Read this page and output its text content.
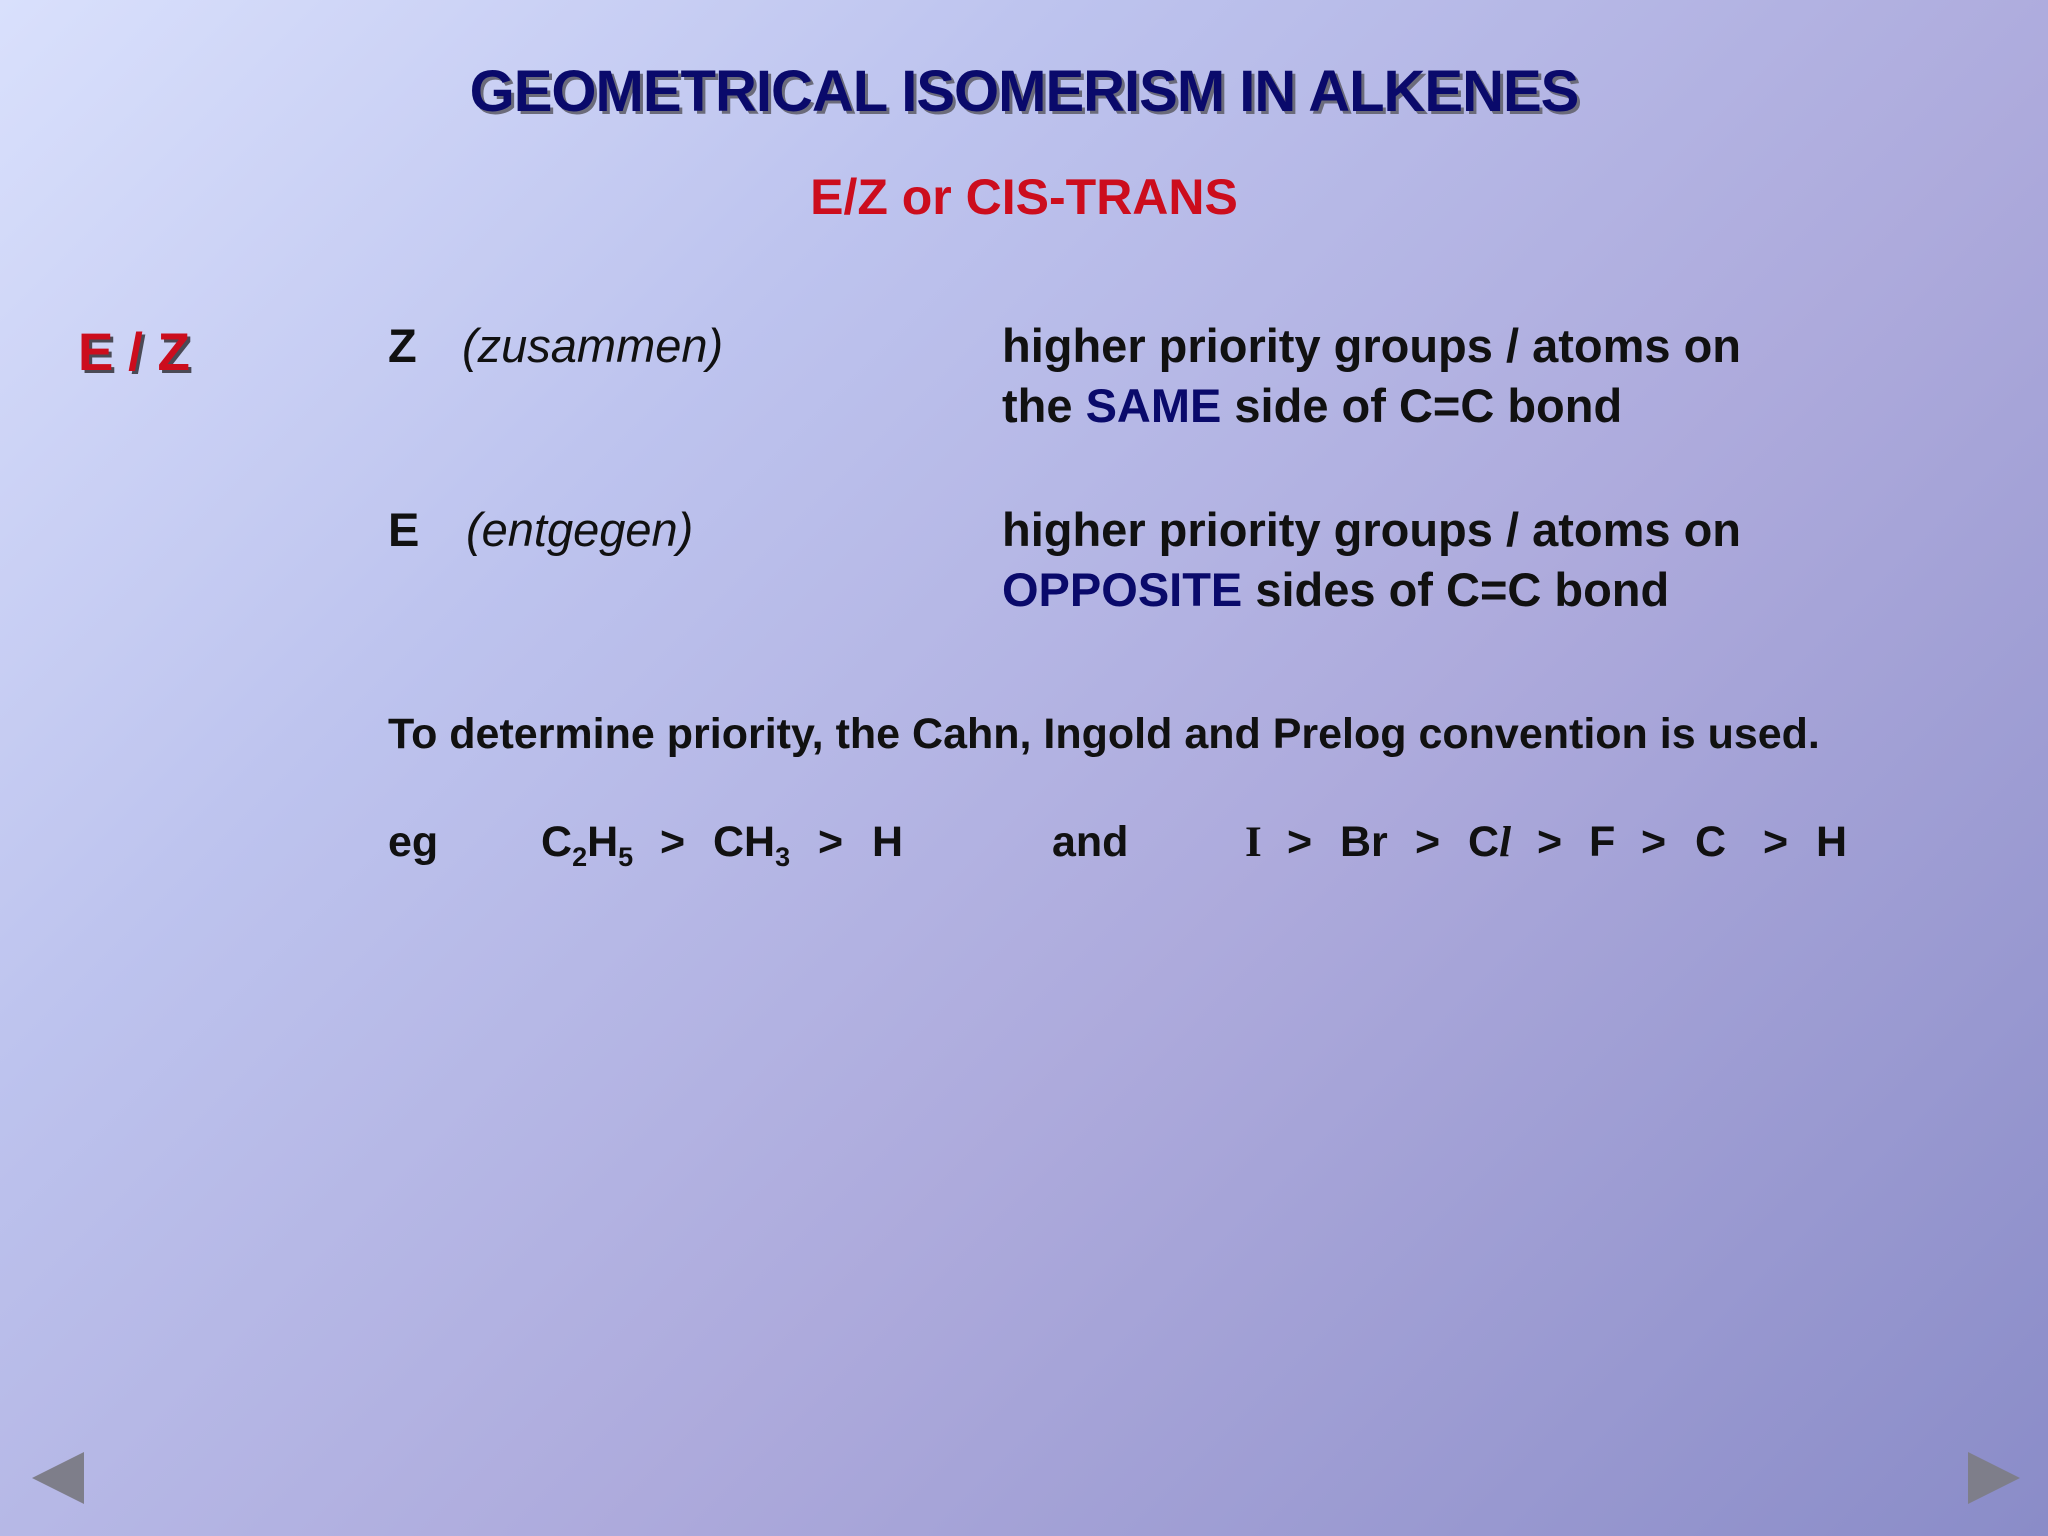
GEOMETRICAL ISOMERISM IN ALKENES
E/Z or CIS-TRANS
E / Z	Z (zusammen)	higher priority groups / atoms on
the SAME side of C=C bond
E (entgegen)	higher priority groups / atoms on
OPPOSITE sides of C=C bond
To determine priority, the Cahn, Ingold and Prelog convention is used.
eg $C_2H_5 > CH_3 > H$	and	I > Br > Cl > F > C > H
